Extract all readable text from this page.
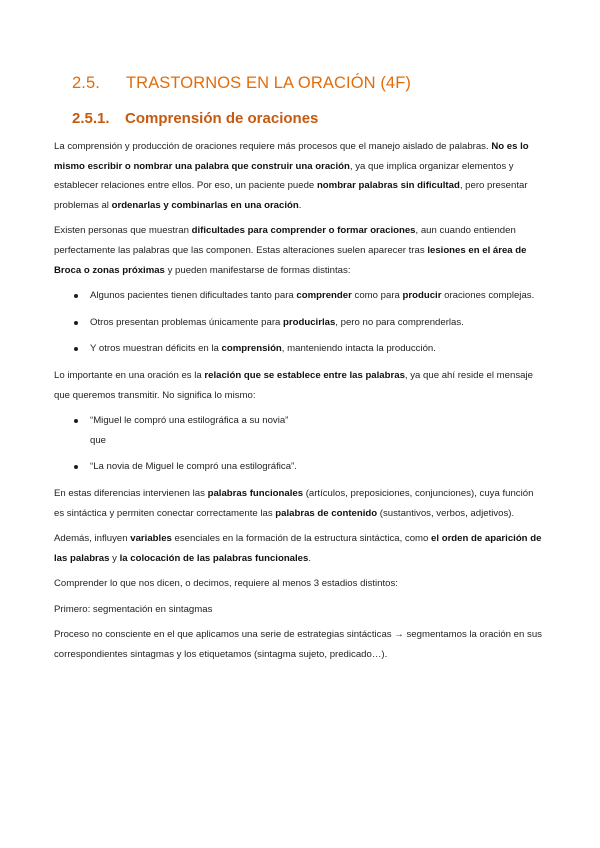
2.5.	TRASTORNOS EN LA ORACIÓN (4F)
2.5.1.	Comprensión de oraciones

La comprensión y producción de oraciones requiere más procesos que el manejo aislado de palabras. No es lo mismo escribir o nombrar una palabra que construir una oración, ya que implica organizar elementos y establecer relaciones entre ellos. Por eso, un paciente puede nombrar palabras sin dificultad, pero presentar problemas al ordenarlas y combinarlas en una oración.

Existen personas que muestran dificultades para comprender o formar oraciones, aun cuando entienden perfectamente las palabras que las componen. Estas alteraciones suelen aparecer tras lesiones en el área de Broca o zonas próximas y pueden manifestarse de formas distintas:

Algunos pacientes tienen dificultades tanto para comprender como para producir oraciones complejas.
Otros presentan problemas únicamente para producirlas, pero no para comprenderlas.
Y otros muestran déficits en la comprensión, manteniendo intacta la producción.

Lo importante en una oración es la relación que se establece entre las palabras, ya que ahí reside el mensaje que queremos transmitir. No significa lo mismo:

“Miguel le compró una estilográfica a su novia”
que
“La novia de Miguel le compró una estilográfica”.

En estas diferencias intervienen las palabras funcionales (artículos, preposiciones, conjunciones), cuya función es sintáctica y permiten conectar correctamente las palabras de contenido (sustantivos, verbos, adjetivos).

Además, influyen variables esenciales en la formación de la estructura sintáctica, como el orden de aparición de las palabras y la colocación de las palabras funcionales.

Comprender lo que nos dicen, o decimos, requiere al menos 3 estadios distintos:

Primero: segmentación en sintagmas

Proceso no consciente en el que aplicamos una serie de estrategias sintácticas → segmentamos la oración en sus correspondientes sintagmas y los etiquetamos (sintagma sujeto, predicado…).
